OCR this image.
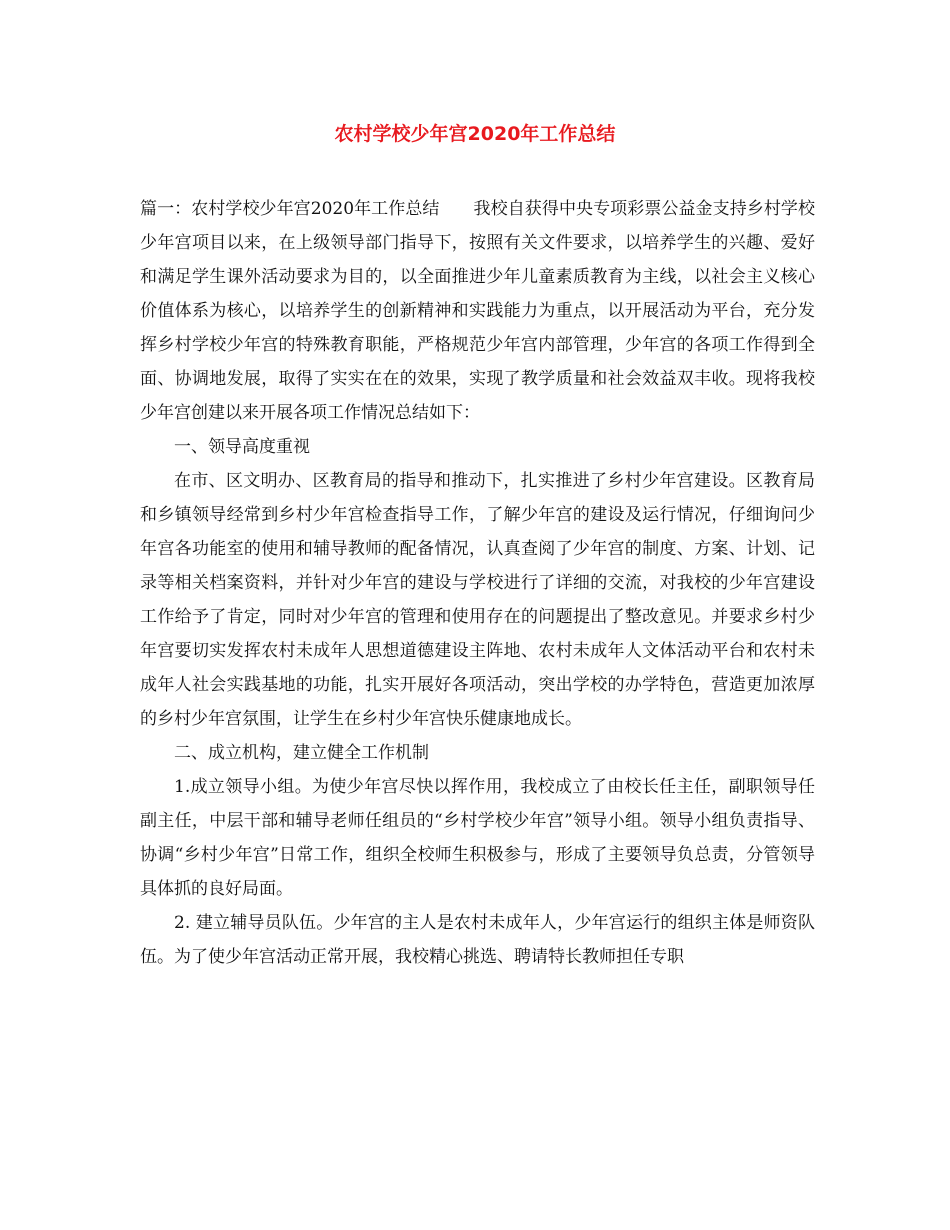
农村学校少年宫2020年工作总结

篇一：农村学校少年宫2020年工作总结 我校自获得中央专项彩票公益金支持乡村学校少年宫项目以来，在上级领导部门指导下，按照有关文件要求，以培养学生的兴趣、爱好和满足学生课外活动要求为目的，以全面推进少年儿童素质教育为主线，以社会主义核心价值体系为核心，以培养学生的创新精神和实践能力为重点，以开展活动为平台，充分发挥乡村学校少年宫的特殊教育职能，严格规范少年宫内部管理，少年宫的各项工作得到全面、协调地发展，取得了实实在在的效果，实现了教学质量和社会效益双丰收。现将我校少年宫创建以来开展各项工作情况总结如下：

一、领导高度重视

在市、区文明办、区教育局的指导和推动下，扎实推进了乡村少年宫建设。区教育局和乡镇领导经常到乡村少年宫检查指导工作，了解少年宫的建设及运行情况，仔细询问少年宫各功能室的使用和辅导教师的配备情况，认真查阅了少年宫的制度、方案、计划、记录等相关档案资料，并针对少年宫的建设与学校进行了详细的交流，对我校的少年宫建设工作给予了肯定，同时对少年宫的管理和使用存在的问题提出了整改意见。并要求乡村少年宫要切实发挥农村未成年人思想道德建设主阵地、农村未成年人文体活动平台和农村未成年人社会实践基地的功能，扎实开展好各项活动，突出学校的办学特色，营造更加浓厚的乡村少年宫氛围，让学生在乡村少年宫快乐健康地成长。

二、成立机构，建立健全工作机制

1.成立领导小组。为使少年宫尽快以挥作用，我校成立了由校长任主任，副职领导任副主任，中层干部和辅导老师任组员的“乡村学校少年宫”领导小组。领导小组负责指导、协调“乡村少年宫”日常工作，组织全校师生积极参与，形成了主要领导负总责，分管领导具体抓的良好局面。

2. 建立辅导员队伍。少年宫的主人是农村未成年人，少年宫运行的组织主体是师资队伍。为了使少年宫活动正常开展，我校精心挑选、聘请特长教师担任专职
